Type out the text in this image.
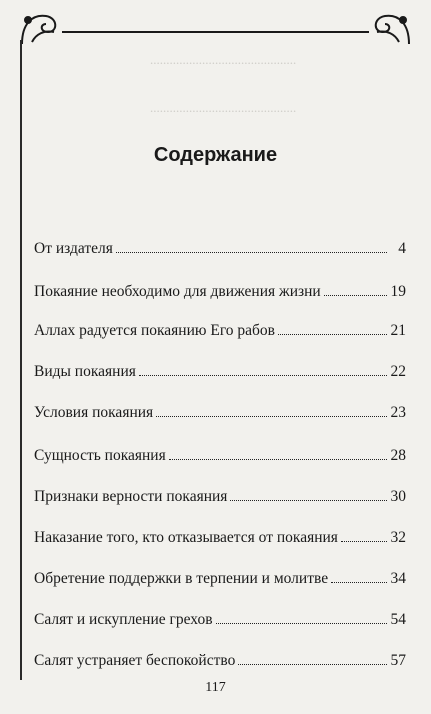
.............................................
.............................................
Содержание
От издателя	4
Покаяние необходимо для движения жизни	19
Аллах радуется покаянию Его рабов	21
Виды покаяния	22
Условия покаяния	23
Сущность покаяния	28
Признаки верности покаяния	30
Наказание того, кто отказывается от покаяния	32
Обретение поддержки в терпении и молитве	34
Салят и искупление грехов	54
Салят устраняет беспокойство	57
117
